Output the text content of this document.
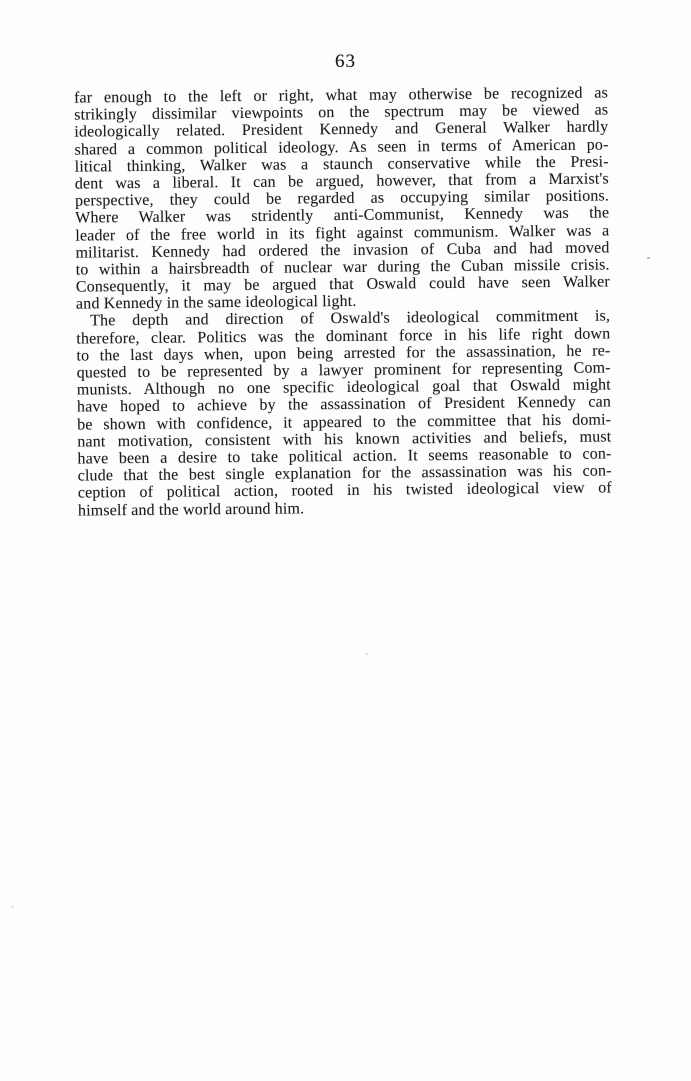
63
far enough to the left or right, what may otherwise be recognized as
strikingly dissimilar viewpoints on the spectrum may be viewed as
ideologically related. President Kennedy and General Walker hardly
shared a common political ideology. As seen in terms of American po-
litical thinking, Walker was a staunch conservative while the Presi-
dent was a liberal. It can be argued, however, that from a Marxist's
perspective, they could be regarded as occupying similar positions.
Where Walker was stridently anti-Communist, Kennedy was the
leader of the free world in its fight against communism. Walker was a
militarist. Kennedy had ordered the invasion of Cuba and had moved
to within a hairsbreadth of nuclear war during the Cuban missile crisis.
Consequently, it may be argued that Oswald could have seen Walker
and Kennedy in the same ideological light.
The depth and direction of Oswald's ideological commitment is,
therefore, clear. Politics was the dominant force in his life right down
to the last days when, upon being arrested for the assassination, he re-
quested to be represented by a lawyer prominent for representing Com-
munists. Although no one specific ideological goal that Oswald might
have hoped to achieve by the assassination of President Kennedy can
be shown with confidence, it appeared to the committee that his domi-
nant motivation, consistent with his known activities and beliefs, must
have been a desire to take political action. It seems reasonable to con-
clude that the best single explanation for the assassination was his con-
ception of political action, rooted in his twisted ideological view of
himself and the world around him.
